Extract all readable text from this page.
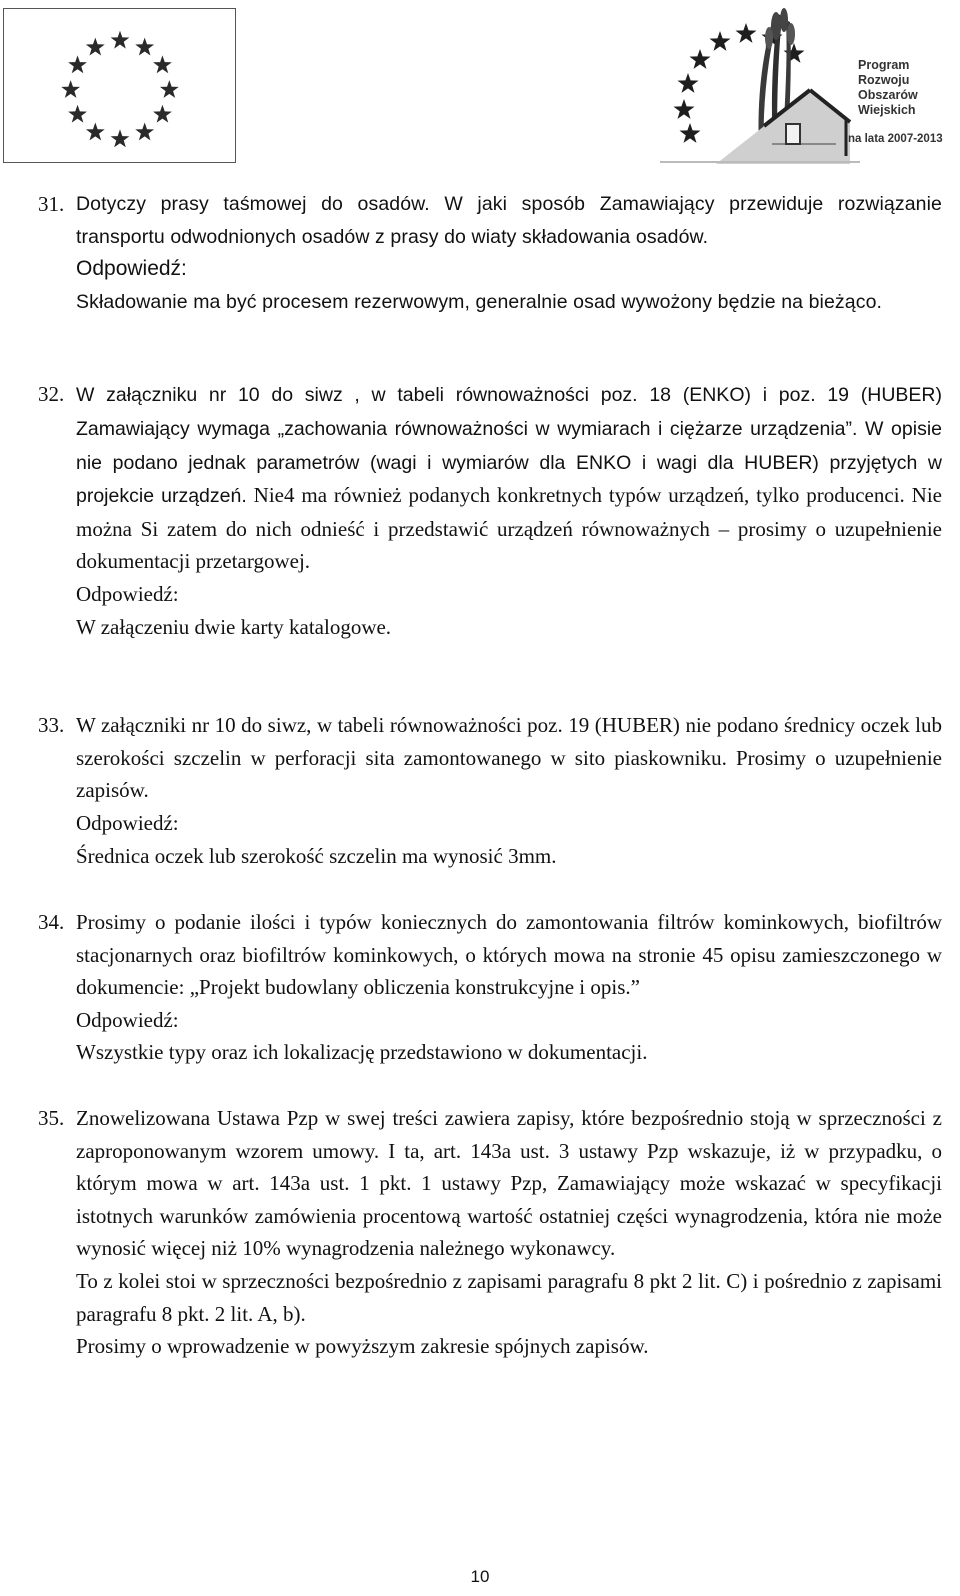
Program
Rozwoju
Obszarów
Wiejskich
na lata 2007-2013
31. Dotyczy prasy taśmowej do osadów. W jaki sposób Zamawiający przewiduje rozwiązanie transportu odwodnionych osadów z prasy do wiaty składowania osadów.

Odpowiedź:

Składowanie ma być procesem rezerwowym, generalnie osad wywożony będzie na bieżąco.

32. W załączniku nr 10 do siwz , w tabeli równoważności poz. 18 (ENKO) i poz. 19 (HUBER) Zamawiający wymaga „zachowania równoważności w wymiarach i ciężarze urządzenia”. W opisie nie podano jednak parametrów (wagi i wymiarów dla ENKO i wagi dla HUBER) przyjętych w projekcie urządzeń. Nie4 ma również podanych konkretnych typów urządzeń, tylko producenci. Nie można Si zatem do nich odnieść i przedstawić urządzeń równoważnych – prosimy o uzupełnienie dokumentacji przetargowej.

Odpowiedź:

W załączeniu dwie karty katalogowe.

33. W załączniki nr 10 do siwz, w tabeli równoważności poz. 19 (HUBER) nie podano średnicy oczek lub szerokości szczelin w perforacji sita zamontowanego w sito piaskowniku. Prosimy o uzupełnienie zapisów.

Odpowiedź:

Średnica oczek lub szerokość szczelin ma wynosić 3mm.

34. Prosimy o podanie ilości i typów koniecznych do zamontowania filtrów kominkowych, biofiltrów stacjonarnych oraz biofiltrów kominkowych, o których mowa na stronie 45 opisu zamieszczonego w dokumencie: „Projekt budowlany obliczenia konstrukcyjne i opis.”

Odpowiedź:

Wszystkie typy oraz ich lokalizację przedstawiono w dokumentacji.

35. Znowelizowana Ustawa Pzp w swej treści zawiera zapisy, które bezpośrednio stoją w sprzeczności z zaproponowanym wzorem umowy. I ta, art. 143a ust. 3 ustawy Pzp wskazuje, iż w przypadku, o którym mowa w art. 143a ust. 1 pkt. 1 ustawy Pzp, Zamawiający może wskazać w specyfikacji istotnych warunków zamówienia procentową wartość ostatniej części wynagrodzenia, która nie może wynosić więcej niż 10% wynagrodzenia należnego wykonawcy.

To z kolei stoi w sprzeczności bezpośrednio z zapisami paragrafu 8 pkt 2 lit. C) i pośrednio z zapisami paragrafu 8 pkt. 2 lit. A, b).

Prosimy o wprowadzenie w powyższym zakresie spójnych zapisów.

10
